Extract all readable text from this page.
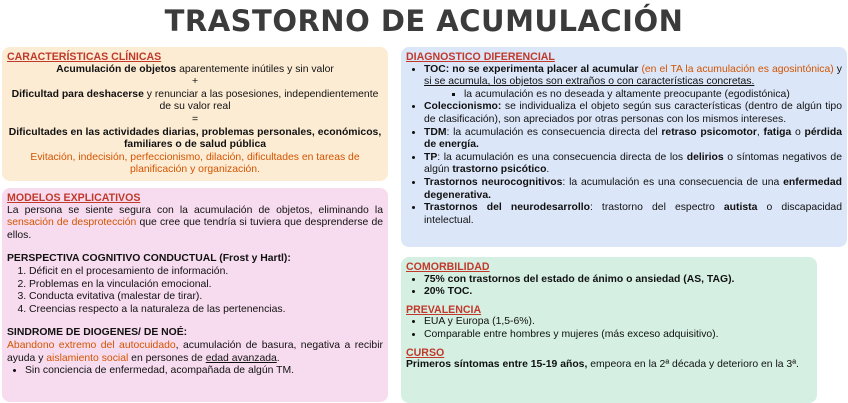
TRASTORNO DE ACUMULACIÓN
CARACTERÍSTICAS CLÍNICAS
Acumulación de objetos aparentemente inútiles y sin valor
+
Dificultad para deshacerse y renunciar a las posesiones, independientemente de su valor real
=
Dificultades en las actividades diarias, problemas personales, económicos, familiares o de salud pública
Evitación, indecisión, perfeccionismo, dilación, dificultades en tareas de planificación y organización.
MODELOS EXPLICATIVOS
La persona se siente segura con la acumulación de objetos, eliminando la sensación de desprotección que cree que tendría si tuviera que desprenderse de ellos.
PERSPECTIVA COGNITIVO CONDUCTUAL (Frost y Hartl):
1. Déficit en el procesamiento de información.
2. Problemas en la vinculación emocional.
3. Conducta evitativa (malestar de tirar).
4. Creencias respecto a la naturaleza de las pertenencias.
SINDROME DE DIOGENES/ DE NOÉ:
Abandono extremo del autocuidado, acumulación de basura, negativa a recibir ayuda y aislamiento social en persones de edad avanzada.
• Sin conciencia de enfermedad, acompañada de algún TM.
DIAGNOSTICO DIFERENCIAL
• TOC: no se experimenta placer al acumular (en el TA la acumulación es agosintónica) y si se acumula, los objetos son extraños o con características concretas.
▪ la acumulación es no deseada y altamente preocupante (egodistónica)
• Coleccionismo: se individualiza el objeto según sus características (dentro de algún tipo de clasificación), son apreciados por otras personas con los mismos intereses.
• TDM: la acumulación es consecuencia directa del retraso psicomotor, fatiga o pérdida de energía.
• TP: la acumulación es una consecuencia directa de los delirios o síntomas negativos de algún trastorno psicótico.
• Trastornos neurocognitivos: la acumulación es una consecuencia de una enfermedad degenerativa.
• Trastornos del neurodesarrollo: trastorno del espectro autista o discapacidad intelectual.
COMORBILIDAD
• 75% con trastornos del estado de ánimo o ansiedad (AS, TAG).
• 20% TOC.
PREVALENCIA
• EUA y Europa (1,5-6%).
• Comparable entre hombres y mujeres (más exceso adquisitivo).
CURSO
Primeros síntomas entre 15-19 años, empeora en la 2ª década y deterioro en la 3ª.
